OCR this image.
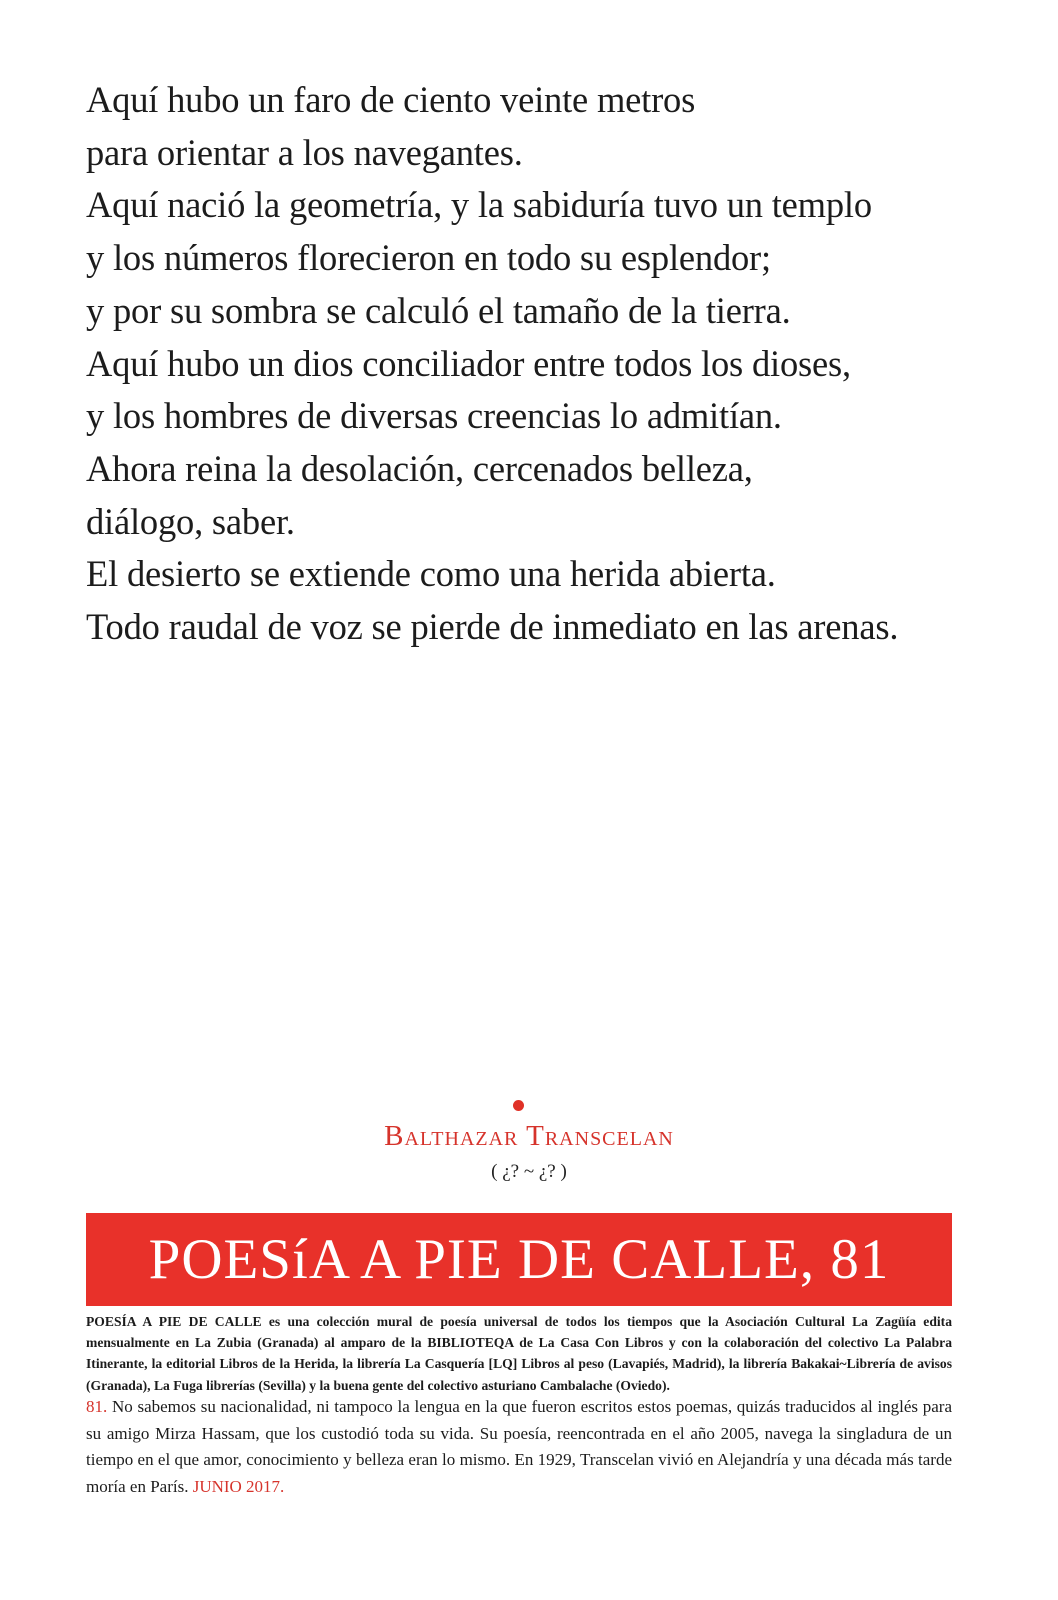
Aquí hubo un faro de ciento veinte metros
para orientar a los navegantes.
Aquí nació la geometría, y la sabiduría tuvo un templo
y los números florecieron en todo su esplendor;
y por su sombra se calculó el tamaño de la tierra.
Aquí hubo un dios conciliador entre todos los dioses,
y los hombres de diversas creencias lo admitían.
Ahora reina la desolación, cercenados belleza,
diálogo, saber.
El desierto se extiende como una herida abierta.
Todo raudal de voz se pierde de inmediato en las arenas.
Balthazar Transcelan
( ¿? ~ ¿? )
POESíA A PIE DE CALLE, 81
POESÍA A PIE DE CALLE es una colección mural de poesía universal de todos los tiempos que la Asociación Cultural La Zagüía edita mensualmente en La Zubia (Granada) al amparo de la BIBLIOTEQA de La Casa Con Libros y con la colaboración del colectivo La Palabra Itinerante, la editorial Libros de la Herida, la librería La Casquería [LQ] Libros al peso (Lavapiés, Madrid), la librería Bakakai~Librería de avisos (Granada), La Fuga librerías (Sevilla) y la buena gente del colectivo asturiano Cambalache (Oviedo).
81. No sabemos su nacionalidad, ni tampoco la lengua en la que fueron escritos estos poemas, quizás traducidos al inglés para su amigo Mirza Hassam, que los custodió toda su vida. Su poesía, reencontrada en el año 2005, navega la singladura de un tiempo en el que amor, conocimiento y belleza eran lo mismo. En 1929, Transcelan vivió en Alejandría y una década más tarde moría en París. JUNIO 2017.
